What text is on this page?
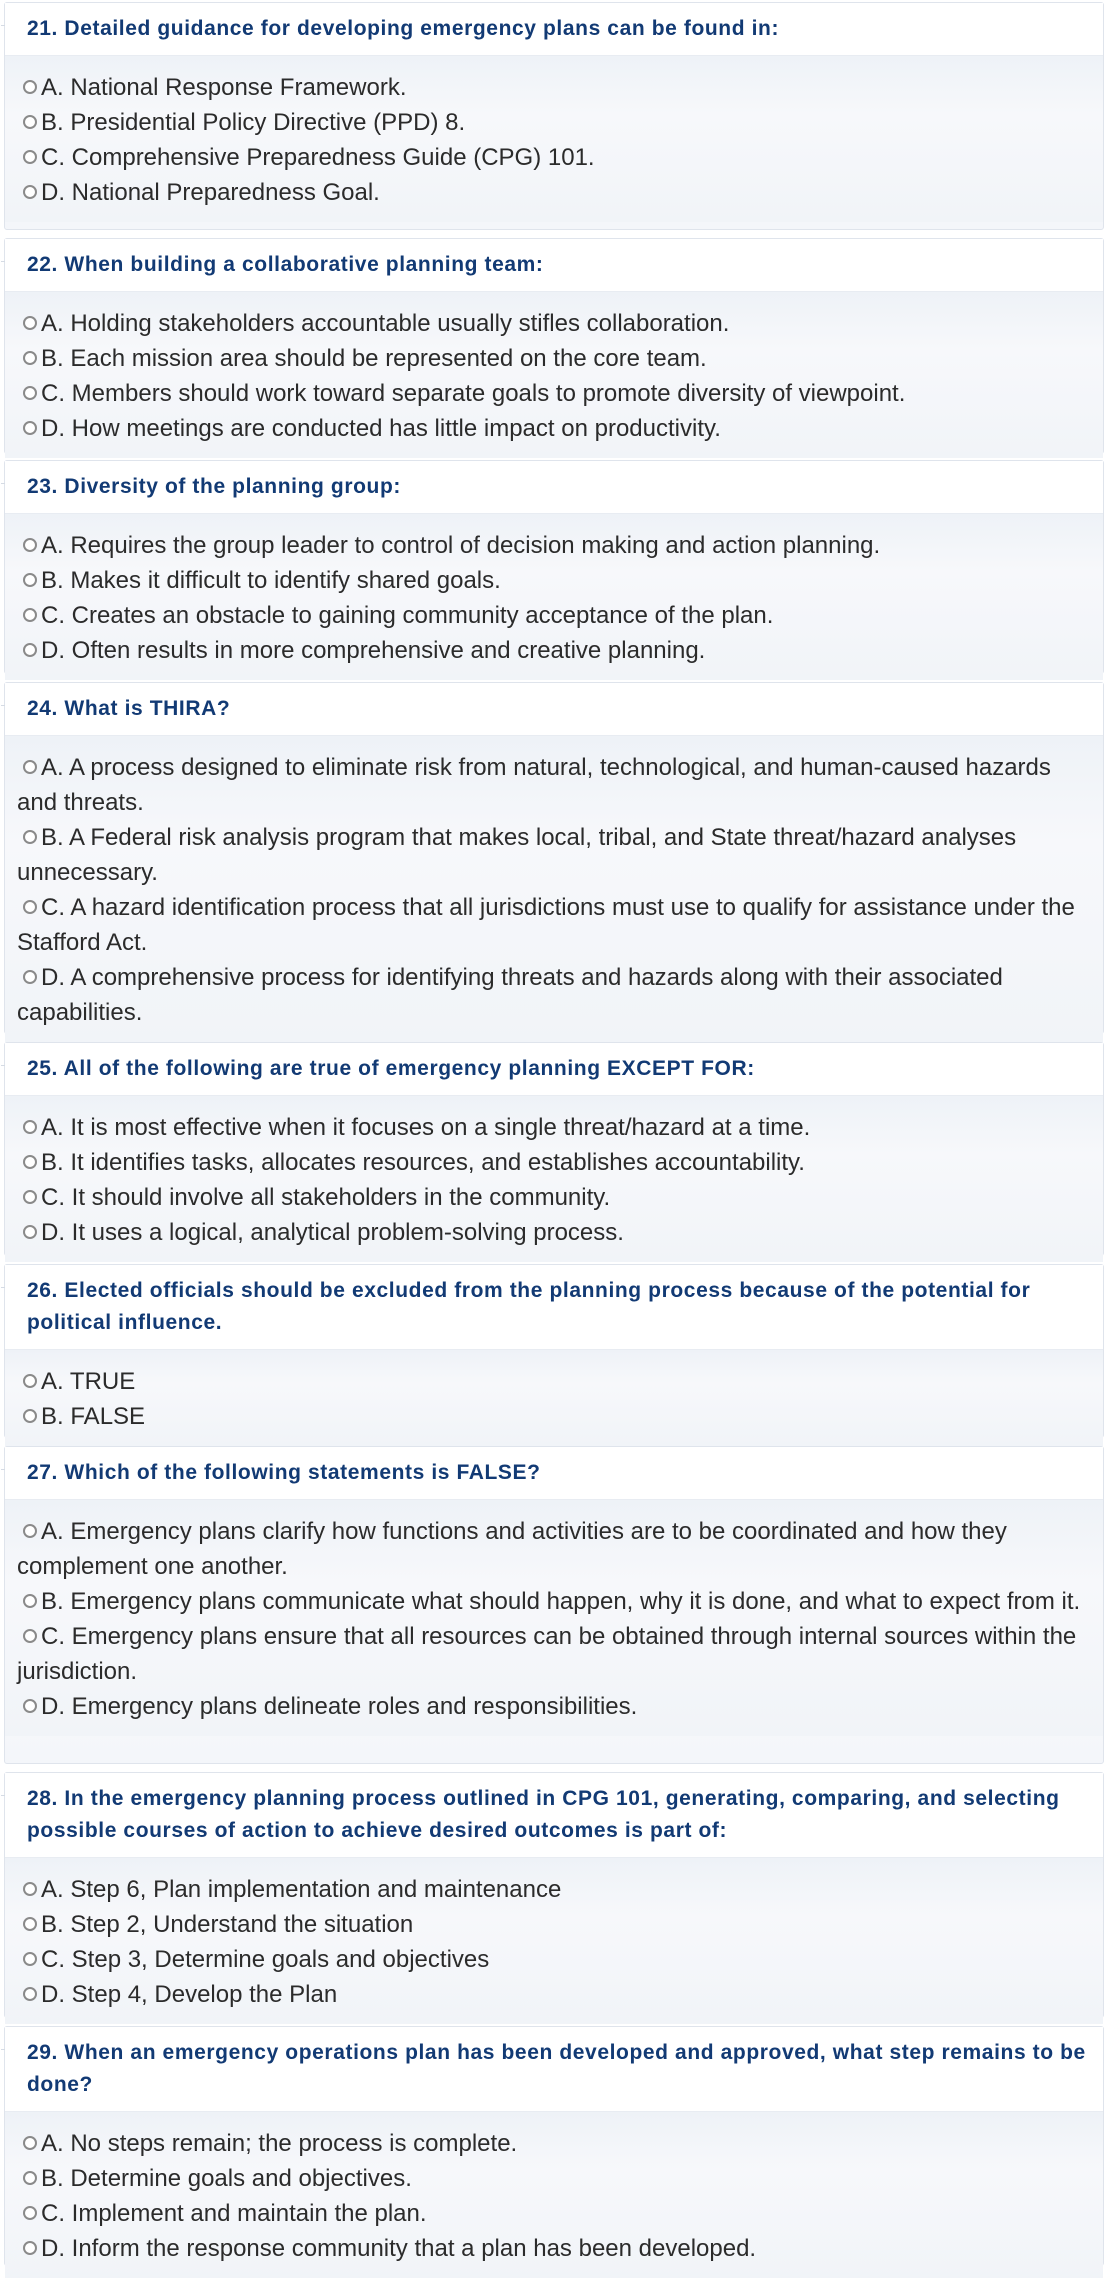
21. Detailed guidance for developing emergency plans can be found in:
A. National Response Framework.
B. Presidential Policy Directive (PPD) 8.
C. Comprehensive Preparedness Guide (CPG) 101.
D. National Preparedness Goal.
22. When building a collaborative planning team:
A. Holding stakeholders accountable usually stifles collaboration.
B. Each mission area should be represented on the core team.
C. Members should work toward separate goals to promote diversity of viewpoint.
D. How meetings are conducted has little impact on productivity.
23. Diversity of the planning group:
A. Requires the group leader to control of decision making and action planning.
B. Makes it difficult to identify shared goals.
C. Creates an obstacle to gaining community acceptance of the plan.
D. Often results in more comprehensive and creative planning.
24. What is THIRA?
A. A process designed to eliminate risk from natural, technological, and human-caused hazards and threats.
B. A Federal risk analysis program that makes local, tribal, and State threat/hazard analyses unnecessary.
C. A hazard identification process that all jurisdictions must use to qualify for assistance under the Stafford Act.
D. A comprehensive process for identifying threats and hazards along with their associated capabilities.
25. All of the following are true of emergency planning EXCEPT FOR:
A. It is most effective when it focuses on a single threat/hazard at a time.
B. It identifies tasks, allocates resources, and establishes accountability.
C. It should involve all stakeholders in the community.
D. It uses a logical, analytical problem-solving process.
26. Elected officials should be excluded from the planning process because of the potential for political influence.
A. TRUE
B. FALSE
27. Which of the following statements is FALSE?
A. Emergency plans clarify how functions and activities are to be coordinated and how they complement one another.
B. Emergency plans communicate what should happen, why it is done, and what to expect from it.
C. Emergency plans ensure that all resources can be obtained through internal sources within the jurisdiction.
D. Emergency plans delineate roles and responsibilities.
28. In the emergency planning process outlined in CPG 101, generating, comparing, and selecting possible courses of action to achieve desired outcomes is part of:
A. Step 6, Plan implementation and maintenance
B. Step 2, Understand the situation
C. Step 3, Determine goals and objectives
D. Step 4, Develop the Plan
29. When an emergency operations plan has been developed and approved, what step remains to be done?
A. No steps remain; the process is complete.
B. Determine goals and objectives.
C. Implement and maintain the plan.
D. Inform the response community that a plan has been developed.
